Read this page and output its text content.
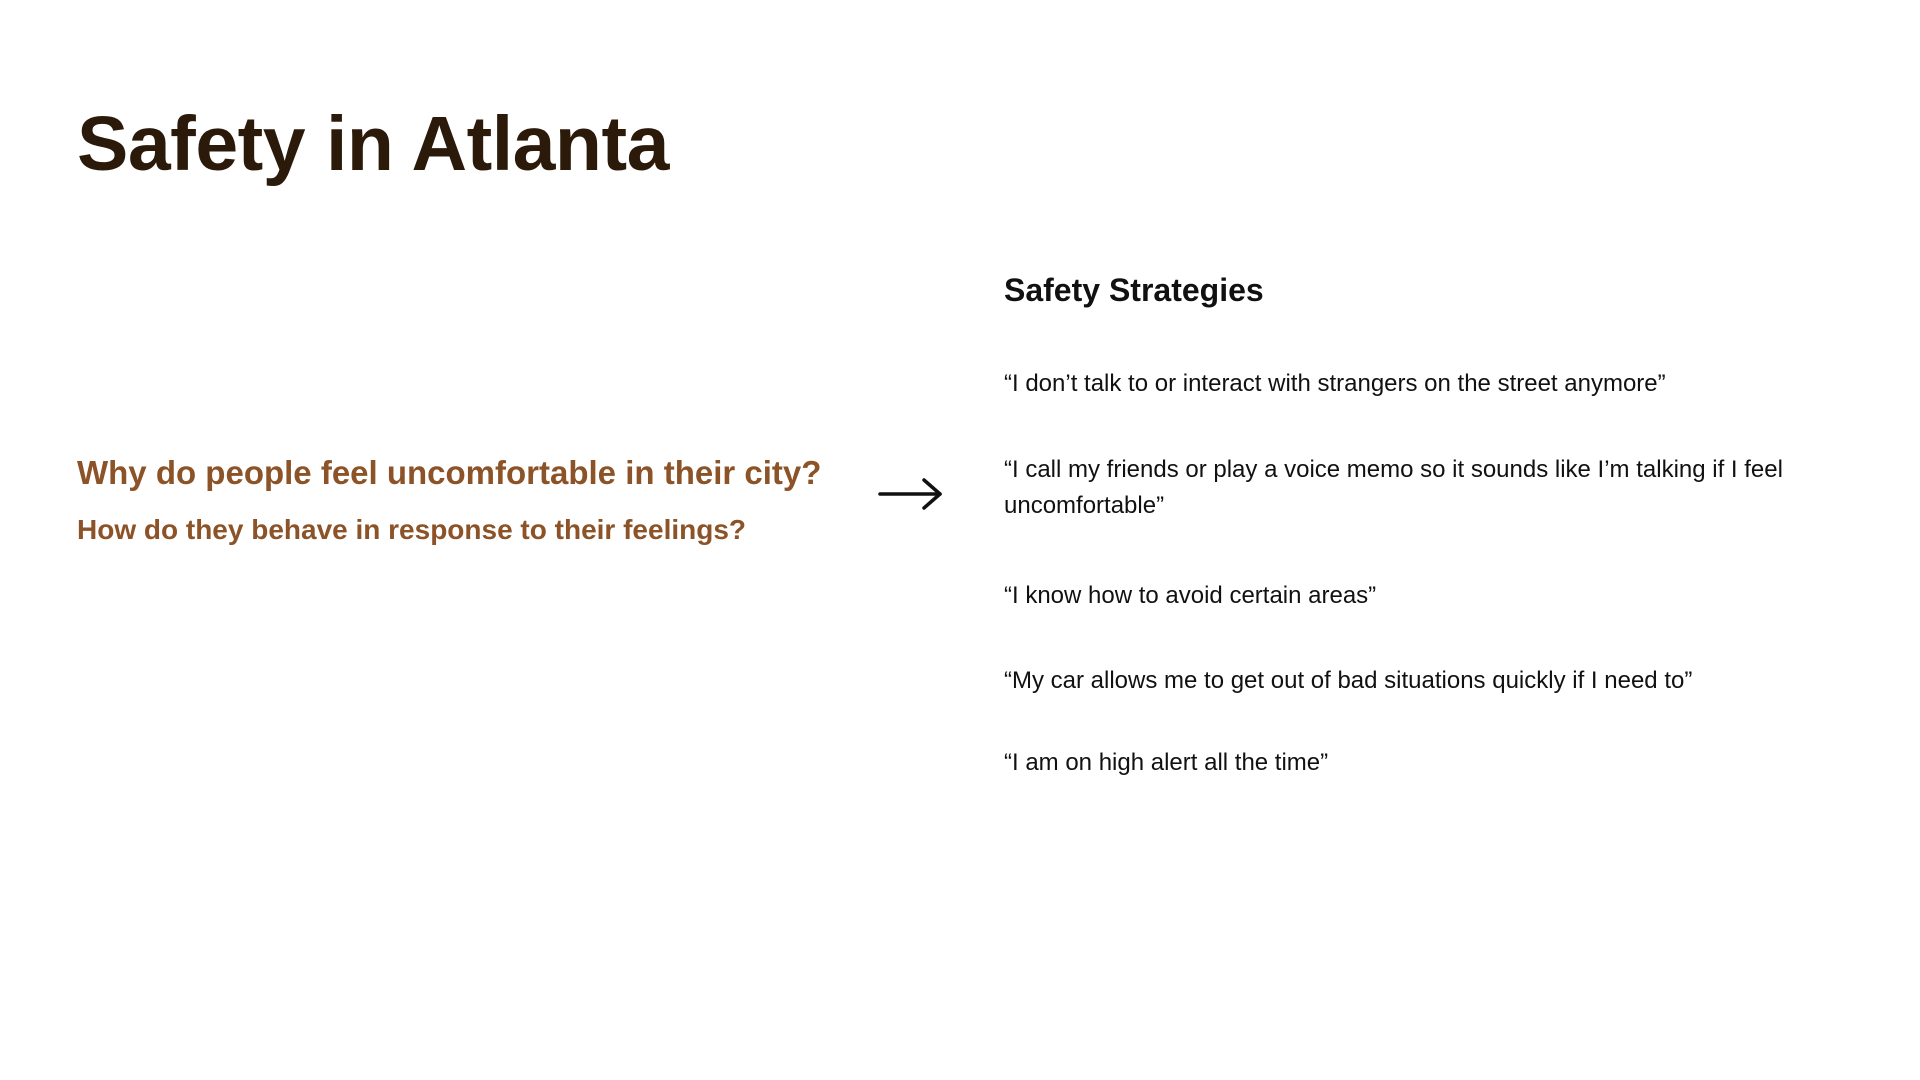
Safety in Atlanta
Why do people feel uncomfortable in their city?
How do they behave in response to their feelings?
Safety Strategies

“I don’t talk to or interact with strangers on the street anymore”

“I call my friends or play a voice memo so it sounds like I’m talking if I feel uncomfortable”

“I know how to avoid certain areas”

“My car allows me to get out of bad situations quickly if I need to”

“I am on high alert all the time”
